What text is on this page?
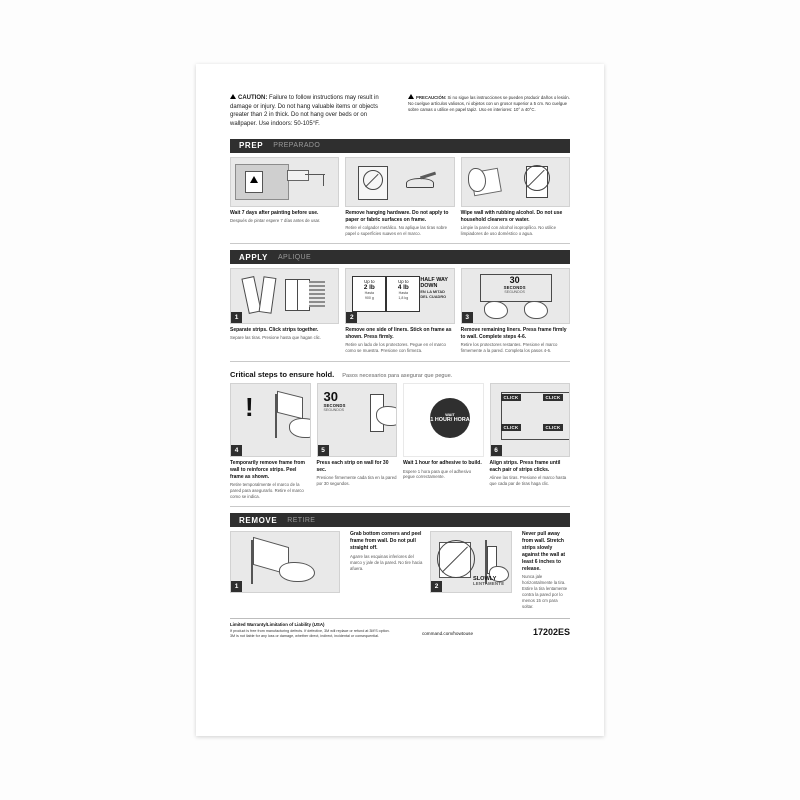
CAUTION: Failure to follow instructions may result in damage or injury. Do not hang valuable items or objects greater than 2 in thick. Do not hang over beds or on wallpaper. Use indoors: 50-105°F.
PRECAUCIÓN: Si no sigue las instrucciones se pueden producir daños o lesión. No cuelgue artículos valiosos, ni objetos con un grosor superior a 5 cm. No cuelgue sobre camas o utilice en papel tapiz. Uso en interiores: 10° a 40°C.
PREP	PREPARADO
Wait 7 days after painting before use.
Después de pintar espere 7 días antes de usar.
Remove hanging hardware. Do not apply to paper or fabric surfaces on frame.
Retire el colgador metálico. No aplique las tiras sobre papel o superficies suaves en el marco.
Wipe wall with rubbing alcohol. Do not use household cleaners or water.
Limpie la pared con alcohol isopropílico. No utilice limpiadores de uso doméstico o agua.
APPLY	APLIQUE
1
Separate strips. Click strips together.
Separe las tiras. Presione hasta que hagan clic.
Up to
2 lb
Hasta
900 g
Up to
4 lb
Hasta
1,8 kg
HALF WAY DOWN
EN LA MITAD DEL CUADRO
2
Remove one side of liners. Stick on frame as shown. Press firmly.
Retire un lado de los protectores. Pegue en el marco como se muestra. Presione con firmeza.
30
SECONDS
SEGUNDOS
3
Remove remaining liners. Press frame firmly to wall. Complete steps 4-6.
Retire los protectores restantes. Presione el marco firmemente a la pared. Completa los pasos 4-6.
Critical steps to ensure hold. Pasos necesarios para asegurar que pegue.
!
4
Temporarily remove frame from wall to reinforce strips. Peel frame as shown.
Retire temporalmente el marco de la pared para asegurarlo. Retire el marco como se indica.
30
SECONDS
SEGUNDOS
5
Press each strip on wall for 30 sec.
Presione firmemente cada tira en la pared por 30 segundos.
WAIT
1 HOUR/ HORA
Wait 1 hour for adhesive to build.
Espere 1 hora para que el adhesivo pegue correctamente.
CLICK	CLICK
CLICK	CLICK
6
Align strips. Press frame until each pair of strips clicks.
Alinee las tiras. Presione el marco hasta que cada par de tiras haga clic.
REMOVE	RETIRE
1
Grab bottom corners and peel frame from wall. Do not pull straight off.
Agarre las esquinas inferiores del marco y jale de la pared. No tire hacia afuera.
SLOWLY
LENTAMENTE
2
Never pull away from wall. Stretch strips slowly against the wall at least 6 inches to release.
Nunca jale horizontalmente la tira. Estire la tira lentamente contra la pared por lo menos 15 cm para soltar.
Limited Warranty/Limitation of Liability (USA)
If product is free from manufacturing defects. If defective, 3M will replace or refund at 3M'S option. 3M is not liable for any loss or damage, whether direct, indirect, incidental or consequential.	command.com/howtouse	17202ES
